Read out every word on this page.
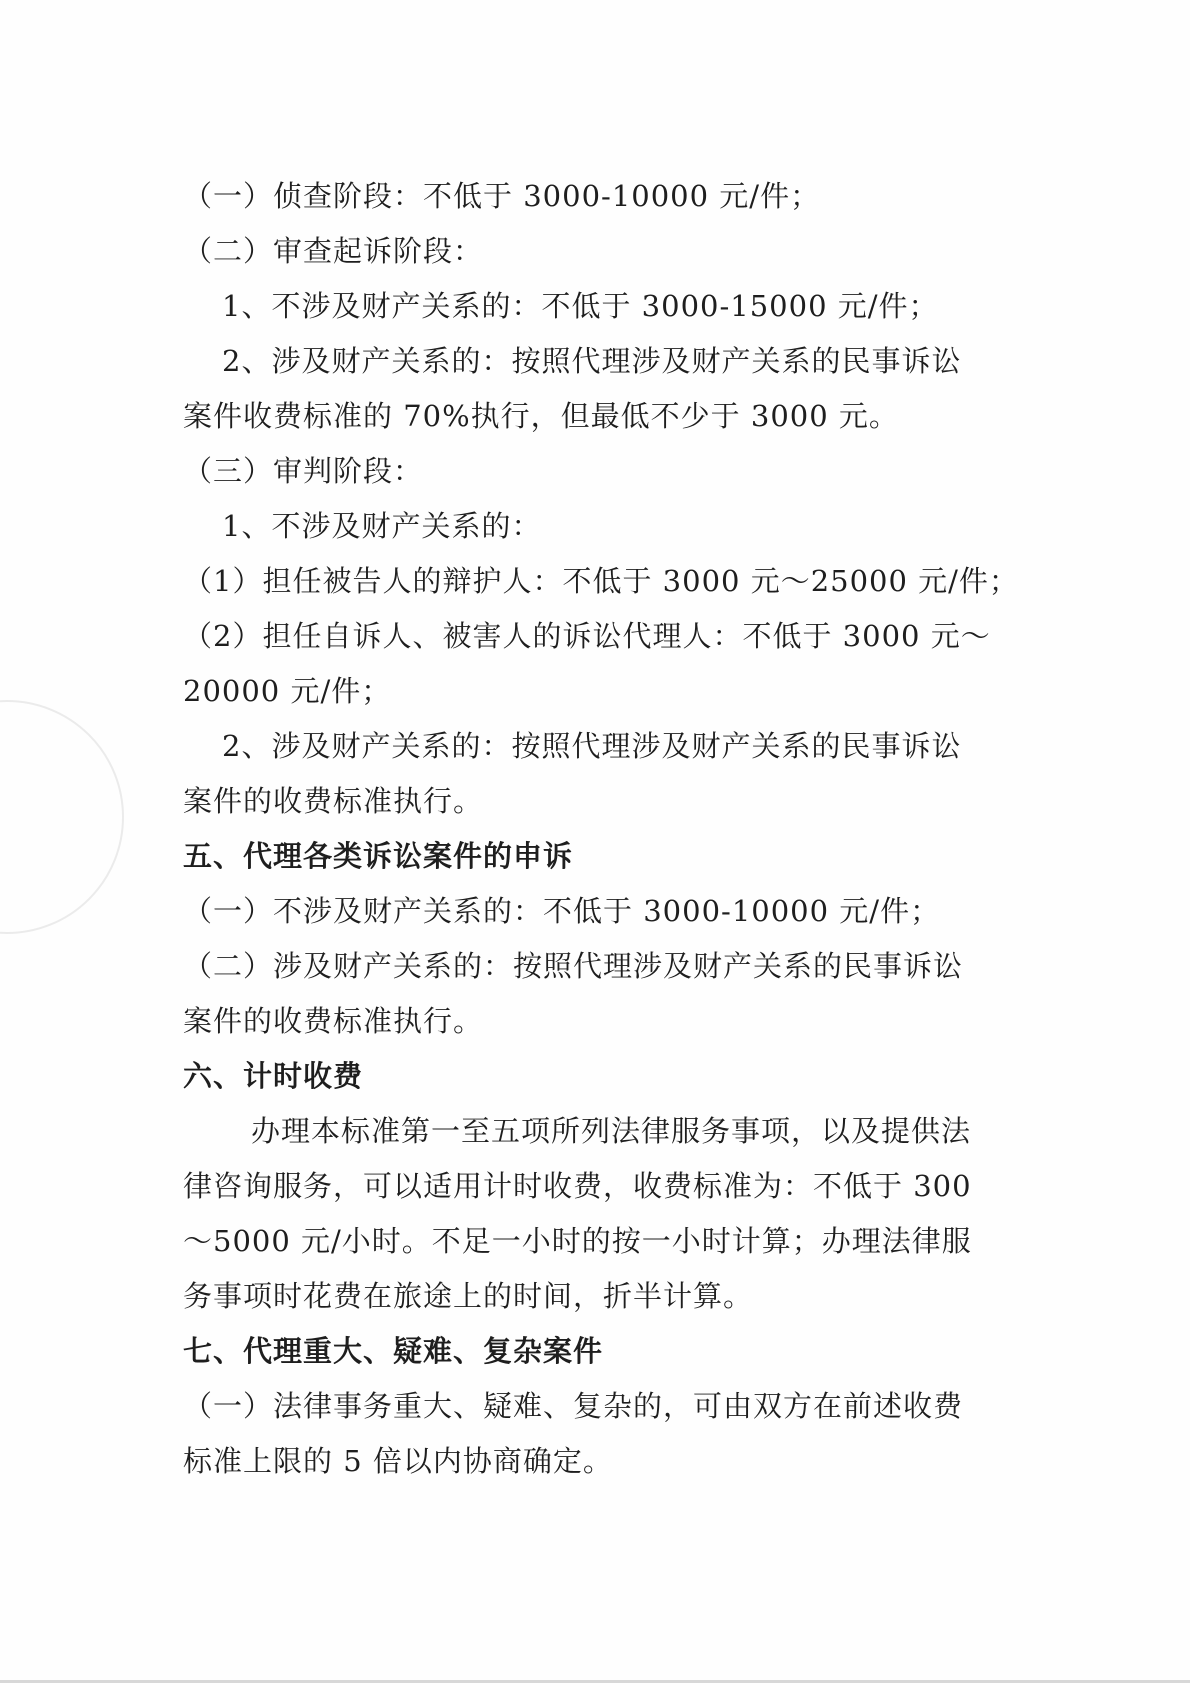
（一）侦查阶段：不低于 3000-10000 元/件；
（二）审查起诉阶段：
1、不涉及财产关系的：不低于 3000-15000 元/件；
2、涉及财产关系的：按照代理涉及财产关系的民事诉讼
案件收费标准的 70%执行，但最低不少于 3000 元。
（三）审判阶段：
1、不涉及财产关系的：
（1）担任被告人的辩护人：不低于 3000 元～25000 元/件；
（2）担任自诉人、被害人的诉讼代理人：不低于 3000 元～
20000 元/件；
2、涉及财产关系的：按照代理涉及财产关系的民事诉讼
案件的收费标准执行。
五、代理各类诉讼案件的申诉
（一）不涉及财产关系的：不低于 3000-10000 元/件；
（二）涉及财产关系的：按照代理涉及财产关系的民事诉讼
案件的收费标准执行。
六、计时收费
办理本标准第一至五项所列法律服务事项，以及提供法
律咨询服务，可以适用计时收费，收费标准为：不低于 300
～5000 元/小时。不足一小时的按一小时计算；办理法律服
务事项时花费在旅途上的时间，折半计算。
七、代理重大、疑难、复杂案件
（一）法律事务重大、疑难、复杂的，可由双方在前述收费
标准上限的 5 倍以内协商确定。
